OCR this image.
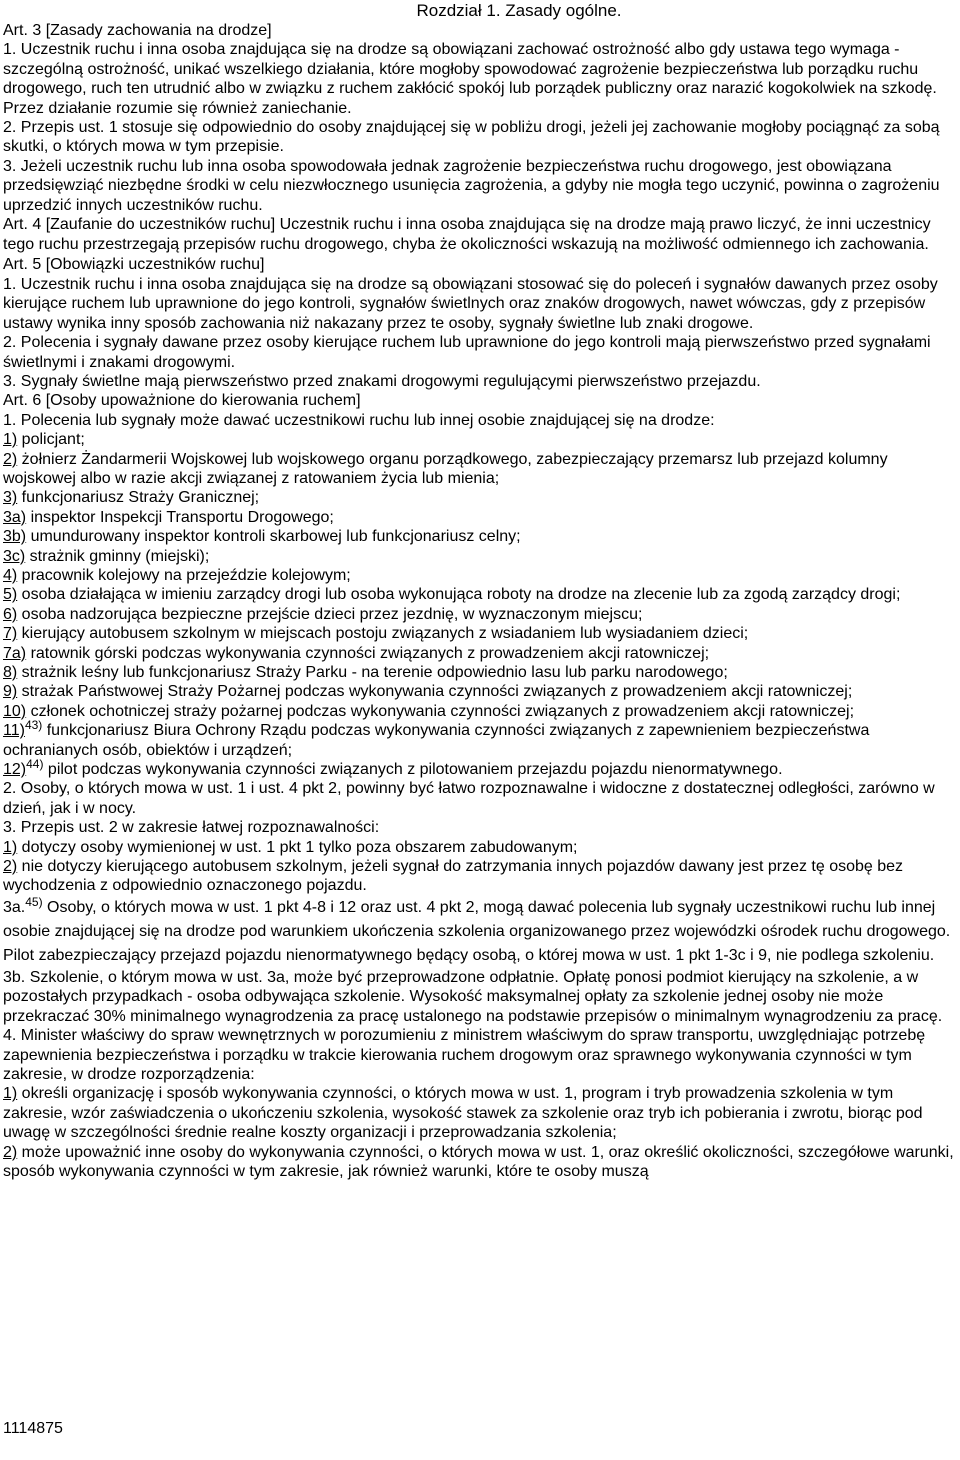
Rozdział 1. Zasady ogólne.
Art. 3 [Zasady zachowania na drodze]

1. Uczestnik ruchu i inna osoba znajdująca się na drodze są obowiązani zachować ostrożność albo gdy ustawa tego wymaga - szczególną ostrożność, unikać wszelkiego działania, które mogłoby spowodować zagrożenie bezpieczeństwa lub porządku ruchu drogowego, ruch ten utrudnić albo w związku z ruchem zakłócić spokój lub porządek publiczny oraz narazić kogokolwiek na szkodę. Przez działanie rozumie się również zaniechanie.

2. Przepis ust. 1 stosuje się odpowiednio do osoby znajdującej się w pobliżu drogi, jeżeli jej zachowanie mogłoby pociągnąć za sobą skutki, o których mowa w tym przepisie.

3. Jeżeli uczestnik ruchu lub inna osoba spowodowała jednak zagrożenie bezpieczeństwa ruchu drogowego, jest obowiązana przedsięwziąć niezbędne środki w celu niezwłocznego usunięcia zagrożenia, a gdyby nie mogła tego uczynić, powinna o zagrożeniu uprzedzić innych uczestników ruchu.

Art. 4 [Zaufanie do uczestników ruchu] Uczestnik ruchu i inna osoba znajdująca się na drodze mają prawo liczyć, że inni uczestnicy tego ruchu przestrzegają przepisów ruchu drogowego, chyba że okoliczności wskazują na możliwość odmiennego ich zachowania.

Art. 5 [Obowiązki uczestników ruchu]

1. Uczestnik ruchu i inna osoba znajdująca się na drodze są obowiązani stosować się do poleceń i sygnałów dawanych przez osoby kierujące ruchem lub uprawnione do jego kontroli, sygnałów świetlnych oraz znaków drogowych, nawet wówczas, gdy z przepisów ustawy wynika inny sposób zachowania niż nakazany przez te osoby, sygnały świetlne lub znaki drogowe.

2. Polecenia i sygnały dawane przez osoby kierujące ruchem lub uprawnione do jego kontroli mają pierwszeństwo przed sygnałami świetlnymi i znakami drogowymi.

3. Sygnały świetlne mają pierwszeństwo przed znakami drogowymi regulującymi pierwszeństwo przejazdu.

Art. 6 [Osoby upoważnione do kierowania ruchem]

1. Polecenia lub sygnały może dawać uczestnikowi ruchu lub innej osobie znajdującej się na drodze:

1) policjant;

2) żołnierz Żandarmerii Wojskowej lub wojskowego organu porządkowego, zabezpieczający przemarsz lub przejazd kolumny wojskowej albo w razie akcji związanej z ratowaniem życia lub mienia;

3) funkcjonariusz Straży Granicznej;

3a) inspektor Inspekcji Transportu Drogowego;

3b) umundurowany inspektor kontroli skarbowej lub funkcjonariusz celny;

3c) strażnik gminny (miejski);

4) pracownik kolejowy na przejeździe kolejowym;

5) osoba działająca w imieniu zarządcy drogi lub osoba wykonująca roboty na drodze na zlecenie lub za zgodą zarządcy drogi;

6) osoba nadzorująca bezpieczne przejście dzieci przez jezdnię, w wyznaczonym miejscu;

7) kierujący autobusem szkolnym w miejscach postoju związanych z wsiadaniem lub wysiadaniem dzieci;

7a) ratownik górski podczas wykonywania czynności związanych z prowadzeniem akcji ratowniczej;

8) strażnik leśny lub funkcjonariusz Straży Parku - na terenie odpowiednio lasu lub parku narodowego;

9) strażak Państwowej Straży Pożarnej podczas wykonywania czynności związanych z prowadzeniem akcji ratowniczej;

10) członek ochotniczej straży pożarnej podczas wykonywania czynności związanych z prowadzeniem akcji ratowniczej;

11)$^{43)}$ funkcjonariusz Biura Ochrony Rządu podczas wykonywania czynności związanych z zapewnieniem bezpieczeństwa ochranianych osób, obiektów i urządzeń;

12)$^{44)}$ pilot podczas wykonywania czynności związanych z pilotowaniem przejazdu pojazdu nienormatywnego.

2. Osoby, o których mowa w ust. 1 i ust. 4 pkt 2, powinny być łatwo rozpoznawalne i widoczne z dostatecznej odległości, zarówno w dzień, jak i w nocy.

3. Przepis ust. 2 w zakresie łatwej rozpoznawalności:

1) dotyczy osoby wymienionej w ust. 1 pkt 1 tylko poza obszarem zabudowanym;

2) nie dotyczy kierującego autobusem szkolnym, jeżeli sygnał do zatrzymania innych pojazdów dawany jest przez tę osobę bez wychodzenia z odpowiednio oznaczonego pojazdu.

3a.$^{45)}$ Osoby, o których mowa w ust. 1 pkt 4-8 i 12 oraz ust. 4 pkt 2, mogą dawać polecenia lub sygnały uczestnikowi ruchu lub innej osobie znajdującej się na drodze pod warunkiem ukończenia szkolenia organizowanego przez wojewódzki ośrodek ruchu drogowego. Pilot zabezpieczający przejazd pojazdu nienormatywnego będący osobą, o której mowa w ust. 1 pkt 1-3c i 9, nie podlega szkoleniu.

3b. Szkolenie, o którym mowa w ust. 3a, może być przeprowadzone odpłatnie. Opłatę ponosi podmiot kierujący na szkolenie, a w pozostałych przypadkach - osoba odbywająca szkolenie. Wysokość maksymalnej opłaty za szkolenie jednej osoby nie może przekraczać 30% minimalnego wynagrodzenia za pracę ustalonego na podstawie przepisów o minimalnym wynagrodzeniu za pracę.

4. Minister właściwy do spraw wewnętrznych w porozumieniu z ministrem właściwym do spraw transportu, uwzględniając potrzebę zapewnienia bezpieczeństwa i porządku w trakcie kierowania ruchem drogowym oraz sprawnego wykonywania czynności w tym zakresie, w drodze rozporządzenia:

1) określi organizację i sposób wykonywania czynności, o których mowa w ust. 1, program i tryb prowadzenia szkolenia w tym zakresie, wzór zaświadczenia o ukończeniu szkolenia, wysokość stawek za szkolenie oraz tryb ich pobierania i zwrotu, biorąc pod uwagę w szczególności średnie realne koszty organizacji i przeprowadzania szkolenia;

2) może upoważnić inne osoby do wykonywania czynności, o których mowa w ust. 1, oraz określić okoliczności, szczegółowe warunki, sposób wykonywania czynności w tym zakresie, jak również warunki, które te osoby muszą

1114875
